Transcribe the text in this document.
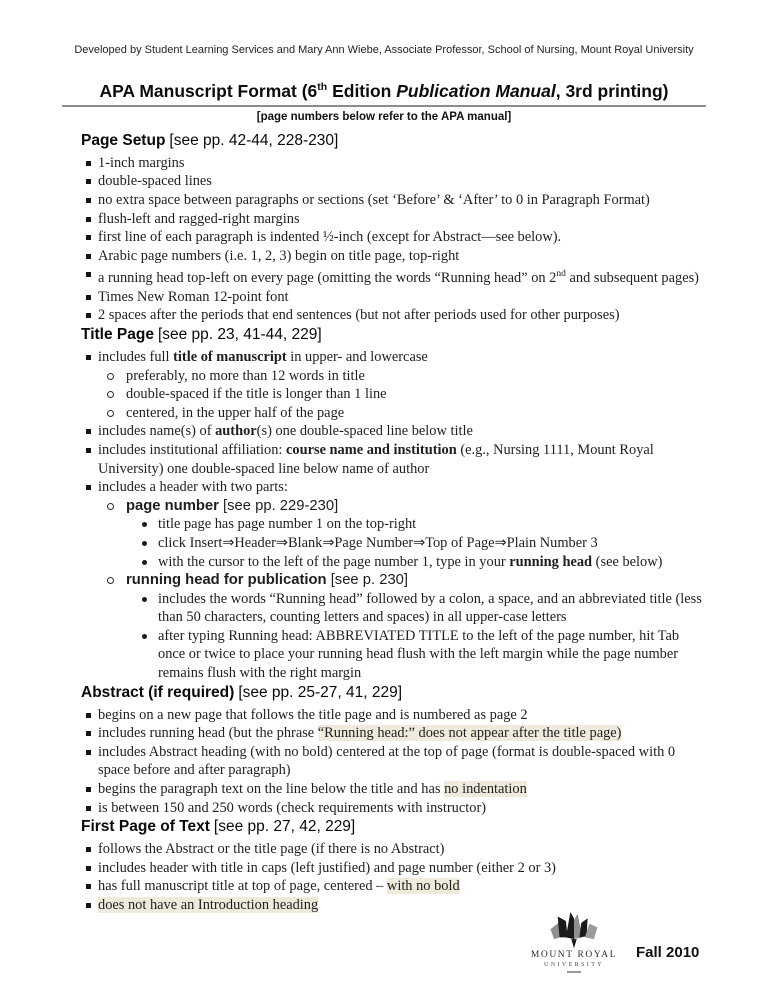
Developed by Student Learning Services and Mary Ann Wiebe, Associate Professor, School of Nursing, Mount Royal University
APA Manuscript Format (6th Edition Publication Manual, 3rd printing)
[page numbers below refer to the APA manual]
Page Setup [see pp. 42-44, 228-230]
1-inch margins
double-spaced lines
no extra space between paragraphs or sections (set ‘Before’ & ‘After’ to 0 in Paragraph Format)
flush-left and ragged-right margins
first line of each paragraph is indented ½-inch (except for Abstract—see below).
Arabic page numbers (i.e. 1, 2, 3) begin on title page, top-right
a running head top-left on every page (omitting the words “Running head” on 2nd and subsequent pages)
Times New Roman 12-point font
2 spaces after the periods that end sentences (but not after periods used for other purposes)
Title Page [see pp. 23, 41-44, 229]
includes full title of manuscript in upper- and lowercase
preferably, no more than 12 words in title
double-spaced if the title is longer than 1 line
centered, in the upper half of the page
includes name(s) of author(s) one double-spaced line below title
includes institutional affiliation: course name and institution (e.g., Nursing 1111, Mount Royal University) one double-spaced line below name of author
includes a header with two parts:
page number [see pp. 229-230]
title page has page number 1 on the top-right
click Insert⇒Header⇒Blank⇒Page Number⇒Top of Page⇒Plain Number 3
with the cursor to the left of the page number 1, type in your running head (see below)
running head for publication [see p. 230]
includes the words “Running head” followed by a colon, a space, and an abbreviated title (less than 50 characters, counting letters and spaces) in all upper-case letters
after typing Running head: ABBREVIATED TITLE to the left of the page number, hit Tab once or twice to place your running head flush with the left margin while the page number remains flush with the right margin
Abstract (if required) [see pp. 25-27, 41, 229]
begins on a new page that follows the title page and is numbered as page 2
includes running head (but the phrase “Running head:” does not appear after the title page)
includes Abstract heading (with no bold) centered at the top of page (format is double-spaced with 0 space before and after paragraph)
begins the paragraph text on the line below the title and has no indentation
is between 150 and 250 words (check requirements with instructor)
First Page of Text [see pp. 27, 42, 229]
follows the Abstract or the title page (if there is no Abstract)
includes header with title in caps (left justified) and page number (either 2 or 3)
has full manuscript title at top of page, centered – with no bold
does not have an Introduction heading
MOUNT ROYAL
UNIVERSITY
Fall 2010
